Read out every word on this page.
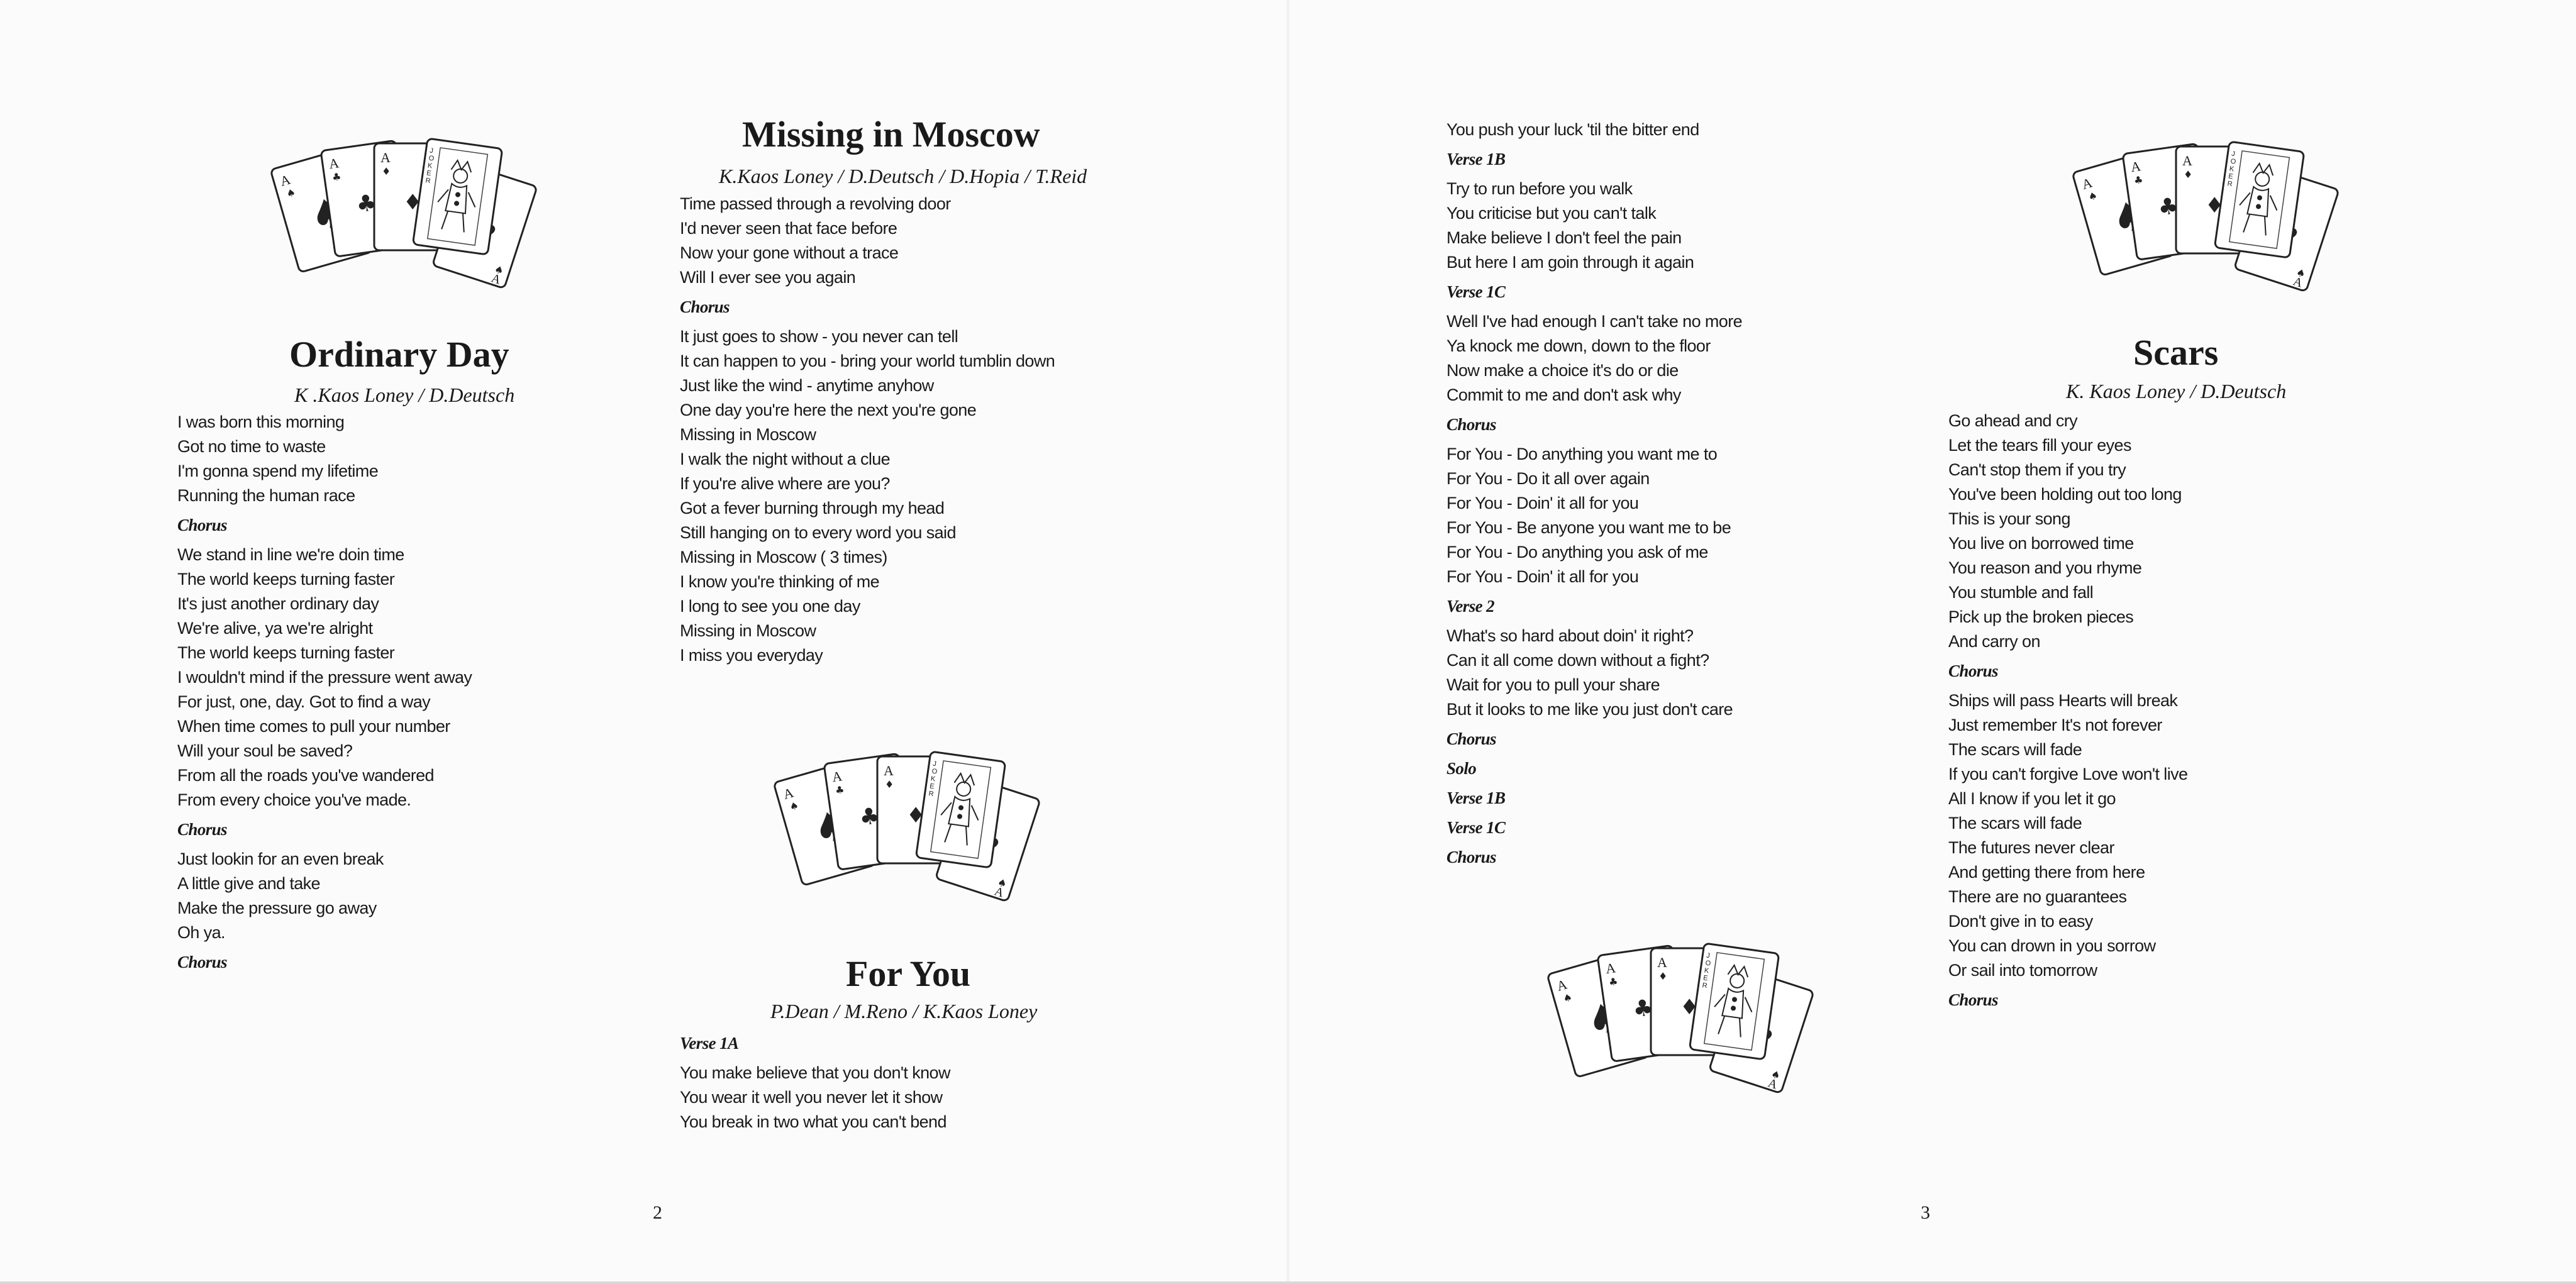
Ordinary Day
K .Kaos Loney / D.Deutsch
I was born this morning
Got no time to waste
I'm gonna spend my lifetime
Running the human race
Chorus
We stand in line we're doin time
The world keeps turning faster
It's just another ordinary day
We're alive, ya we're alright
The world keeps turning faster
I wouldn't mind if the pressure went away
For just, one, day. Got to find a way
When time comes to pull your number
Will your soul be saved?
From all the roads you've wandered
From every choice you've made.
Chorus
Just lookin for an even break
A little give and take
Make the pressure go away
Oh ya.
Chorus
Missing in Moscow
K.Kaos Loney / D.Deutsch / D.Hopia / T.Reid
Time passed through a revolving door
I'd never seen that face before
Now your gone without a trace
Will I ever see you again
Chorus
It just goes to show - you never can tell
It can happen to you - bring your world tumblin down
Just like the wind - anytime anyhow
One day you're here the next you're gone
Missing in Moscow
I walk the night without a clue
If you're alive where are you?
Got a fever burning through my head
Still hanging on to every word you said
Missing in Moscow ( 3 times)
I know you're thinking of me
I long to see you one day
Missing in Moscow
I miss you everyday
For You
P.Dean / M.Reno / K.Kaos Loney
Verse 1A
You make believe that you don't know
You wear it well you never let it show
You break in two what you can't bend
2
You push your luck 'til the bitter end
Verse 1B
Try to run before you walk
You criticise but you can't talk
Make believe I don't feel the pain
But here I am goin through it again
Verse 1C
Well I've had enough I can't take no more
Ya knock me down, down to the floor
Now make a choice it's do or die
Commit to me and don't ask why
Chorus
For You - Do anything you want me to
For You - Do it all over again
For You - Doin' it all for you
For You - Be anyone you want me to be
For You - Do anything you ask of me
For You - Doin' it all for you
Verse 2
What's so hard about doin' it right?
Can it all come down without a fight?
Wait for you to pull your share
But it looks to me like you just don't care
Chorus
Solo
Verse 1B
Verse 1C
Chorus
3
Scars
K. Kaos Loney / D.Deutsch
Go ahead and cry
Let the tears fill your eyes
Can't stop them if you try
You've been holding out too long
This is your song
You live on borrowed time
You reason and you rhyme
You stumble and fall
Pick up the broken pieces
And carry on
Chorus
Ships will pass Hearts will break
Just remember It's not forever
The scars will fade
If you can't forgive Love won't live
All I know if you let it go
The scars will fade
The futures never clear
And getting there from here
There are no guarantees
Don't give in to easy
You can drown in you sorrow
Or sail into tomorrow
Chorus
